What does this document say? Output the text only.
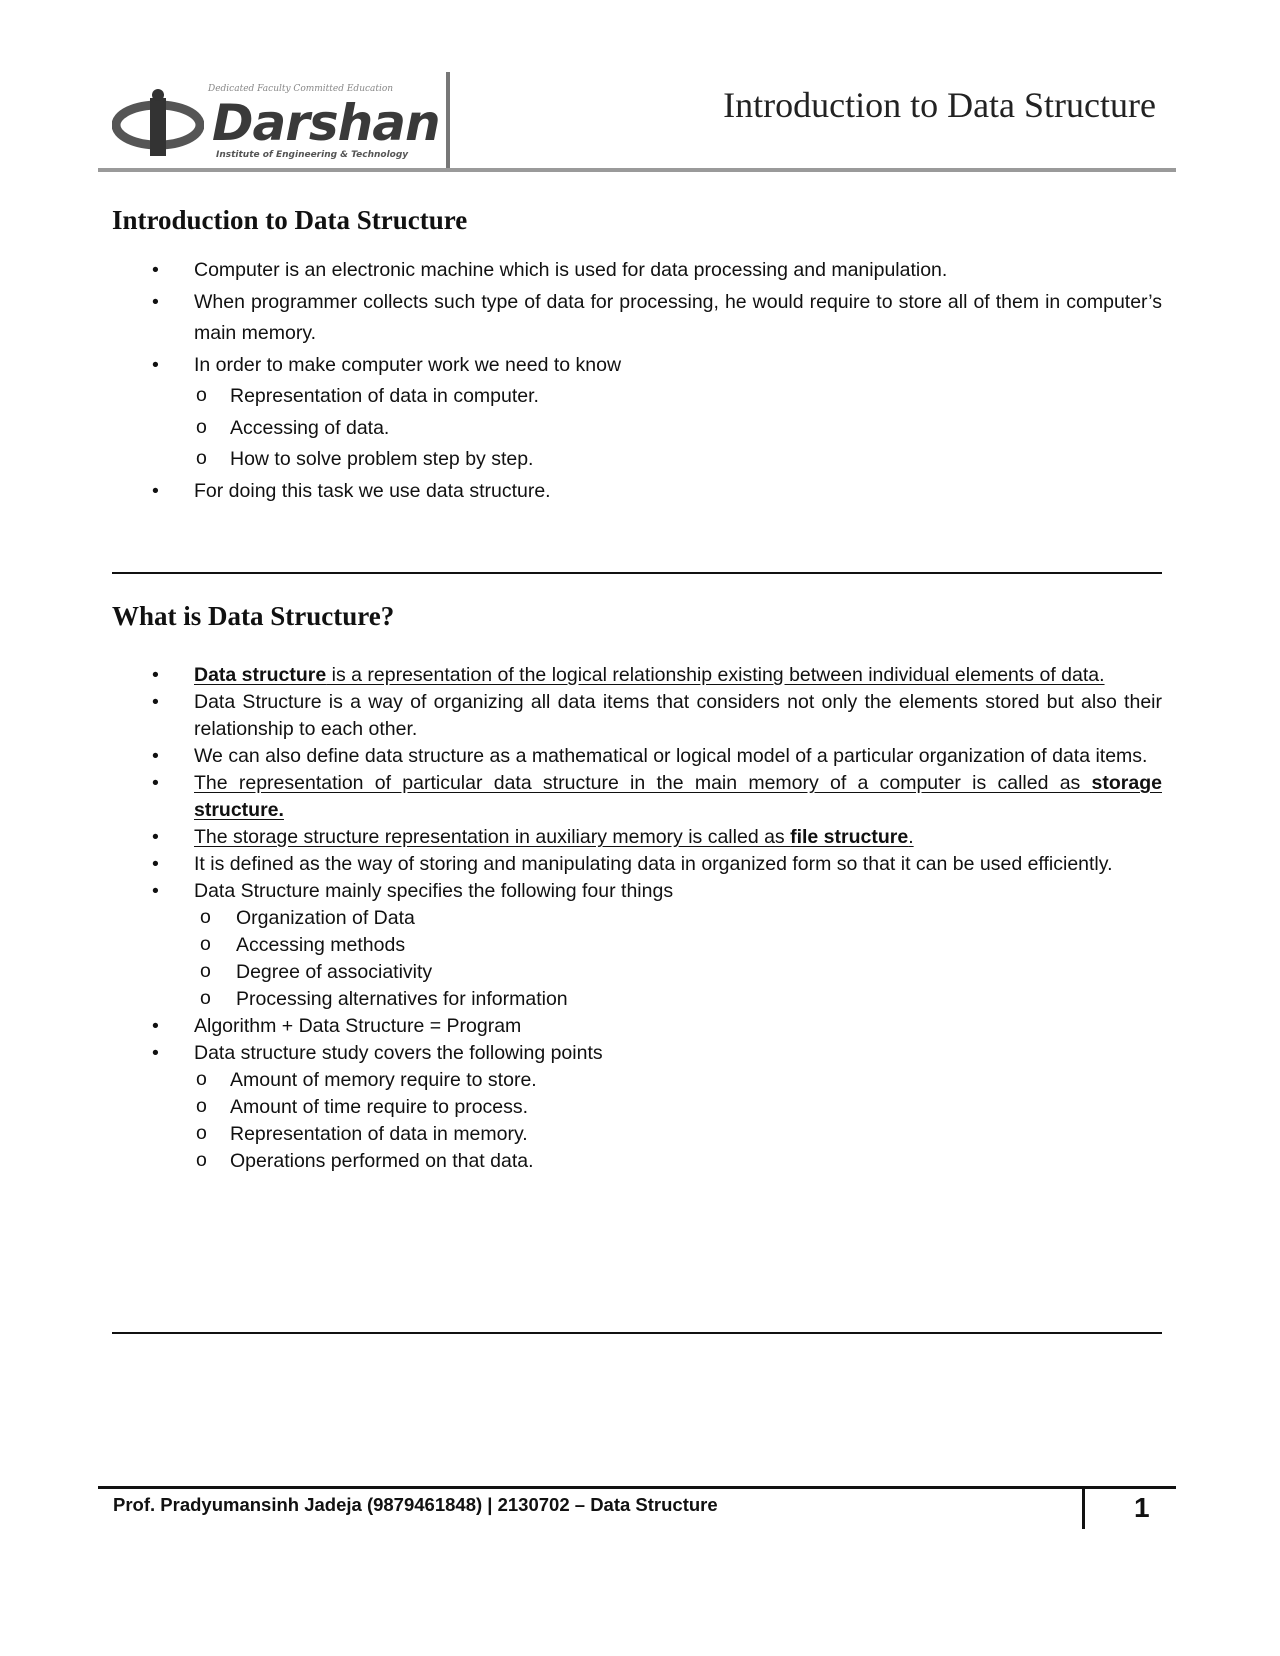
Dedicated Faculty Committed Education
Darshan
Institute of Engineering & Technology
Introduction to Data Structure
Introduction to Data Structure
• Computer is an electronic machine which is used for data processing and manipulation.
• When programmer collects such type of data for processing, he would require to store all of them in computer’s main memory.
• In order to make computer work we need to know
o Representation of data in computer.
o Accessing of data.
o How to solve problem step by step.
• For doing this task we use data structure.
What is Data Structure?
• Data structure is a representation of the logical relationship existing between individual elements of data.
• Data Structure is a way of organizing all data items that considers not only the elements stored but also their relationship to each other.
• We can also define data structure as a mathematical or logical model of a particular organization of data items.
• The representation of particular data structure in the main memory of a computer is called as storage structure.
• The storage structure representation in auxiliary memory is called as file structure.
• It is defined as the way of storing and manipulating data in organized form so that it can be used efficiently.
• Data Structure mainly specifies the following four things
o Organization of Data
o Accessing methods
o Degree of associativity
o Processing alternatives for information
• Algorithm + Data Structure = Program
• Data structure study covers the following points
o Amount of memory require to store.
o Amount of time require to process.
o Representation of data in memory.
o Operations performed on that data.
Prof. Pradyumansinh Jadeja (9879461848) | 2130702 – Data Structure	1
